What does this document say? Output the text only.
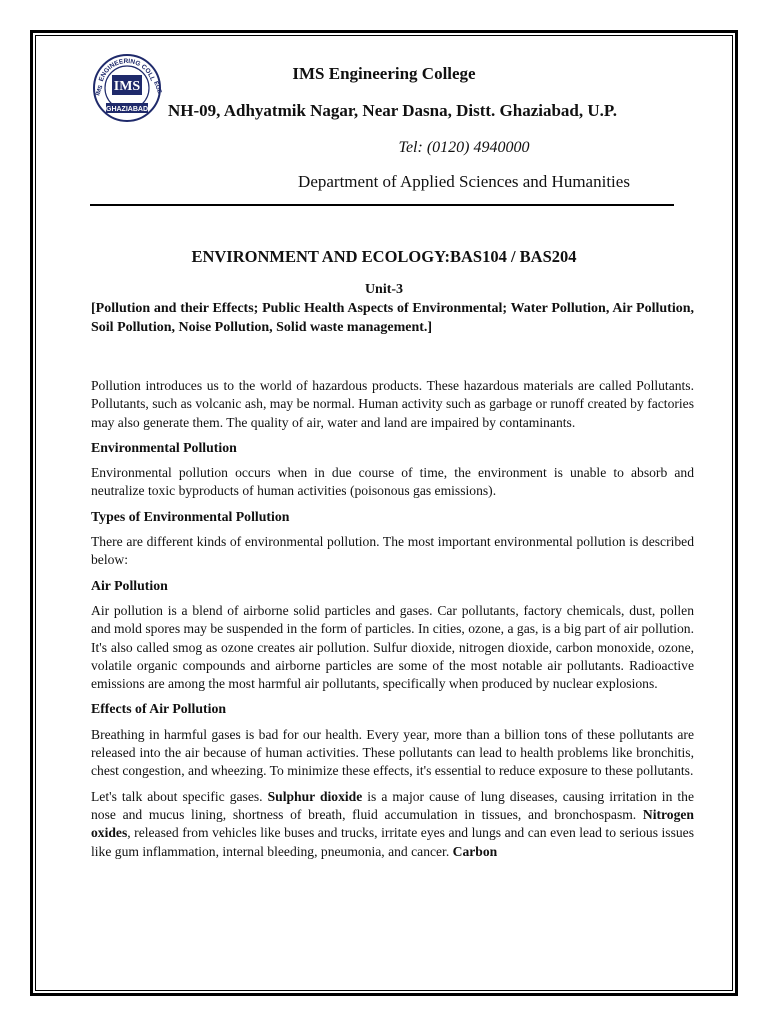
ENGINEERING COLL
IMS	EGE
IMS
GHAZIABAD
IMS Engineering College
NH-09, Adhyatmik Nagar, Near Dasna, Distt. Ghaziabad, U.P.
Tel: (0120) 4940000
Department of Applied Sciences and Humanities
ENVIRONMENT AND ECOLOGY:BAS104 / BAS204
Unit-3
[Pollution and their Effects; Public Health Aspects of Environmental; Water Pollution, Air Pollution, Soil Pollution, Noise Pollution, Solid waste management.]

Pollution introduces us to the world of hazardous products. These hazardous materials are called Pollutants. Pollutants, such as volcanic ash, may be normal. Human activity such as garbage or runoff created by factories may also generate them. The quality of air, water and land are impaired by contaminants.

Environmental Pollution

Environmental pollution occurs when in due course of time, the environment is unable to absorb and neutralize toxic byproducts of human activities (poisonous gas emissions).

Types of Environmental Pollution

There are different kinds of environmental pollution. The most important environmental pollution is described below:

Air Pollution

Air pollution is a blend of airborne solid particles and gases. Car pollutants, factory chemicals, dust, pollen and mold spores may be suspended in the form of particles. In cities, ozone, a gas, is a big part of air pollution. It's also called smog as ozone creates air pollution. Sulfur dioxide, nitrogen dioxide, carbon monoxide, ozone, volatile organic compounds and airborne particles are some of the most notable air pollutants. Radioactive emissions are among the most harmful air pollutants, specifically when produced by nuclear explosions.

Effects of Air Pollution

Breathing in harmful gases is bad for our health. Every year, more than a billion tons of these pollutants are released into the air because of human activities. These pollutants can lead to health problems like bronchitis, chest congestion, and wheezing. To minimize these effects, it's essential to reduce exposure to these pollutants.

Let's talk about specific gases. Sulphur dioxide is a major cause of lung diseases, causing irritation in the nose and mucus lining, shortness of breath, fluid accumulation in tissues, and bronchospasm. Nitrogen oxides, released from vehicles like buses and trucks, irritate eyes and lungs and can even lead to serious issues like gum inflammation, internal bleeding, pneumonia, and cancer. Carbon
